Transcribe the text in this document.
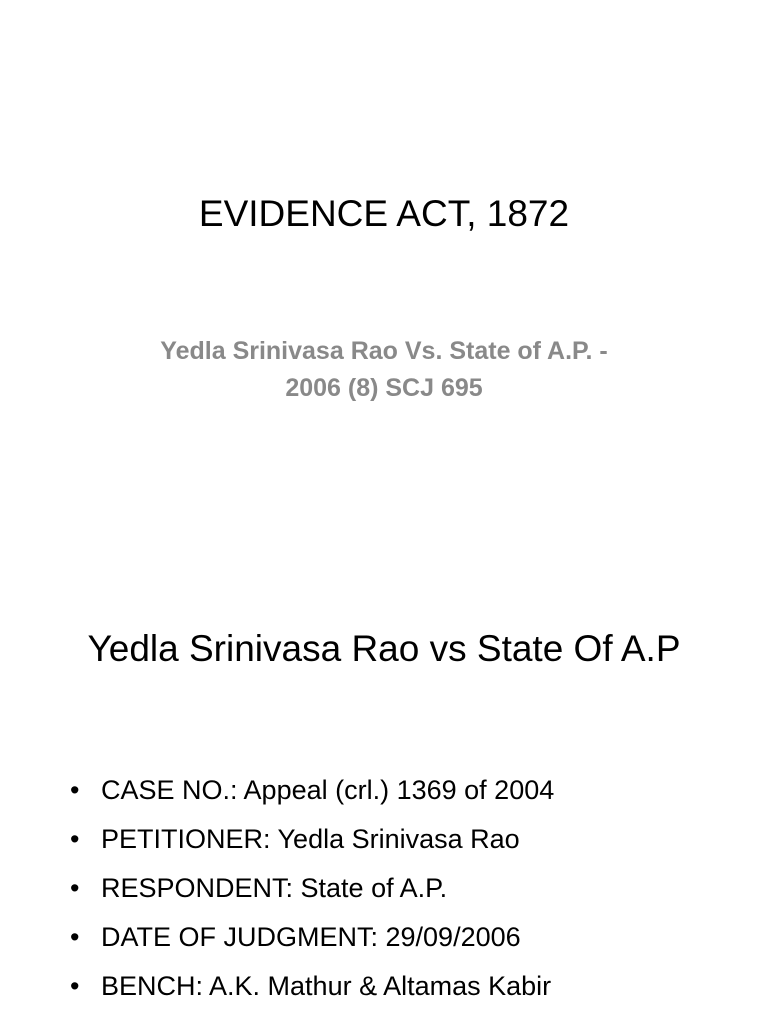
EVIDENCE ACT, 1872
Yedla Srinivasa Rao Vs. State of A.P. -
2006 (8) SCJ 695
Yedla Srinivasa Rao vs State Of A.P
• CASE NO.: Appeal (crl.) 1369 of 2004
• PETITIONER: Yedla Srinivasa Rao
• RESPONDENT: State of A.P.
• DATE OF JUDGMENT: 29/09/2006
• BENCH: A.K. Mathur & Altamas Kabir
